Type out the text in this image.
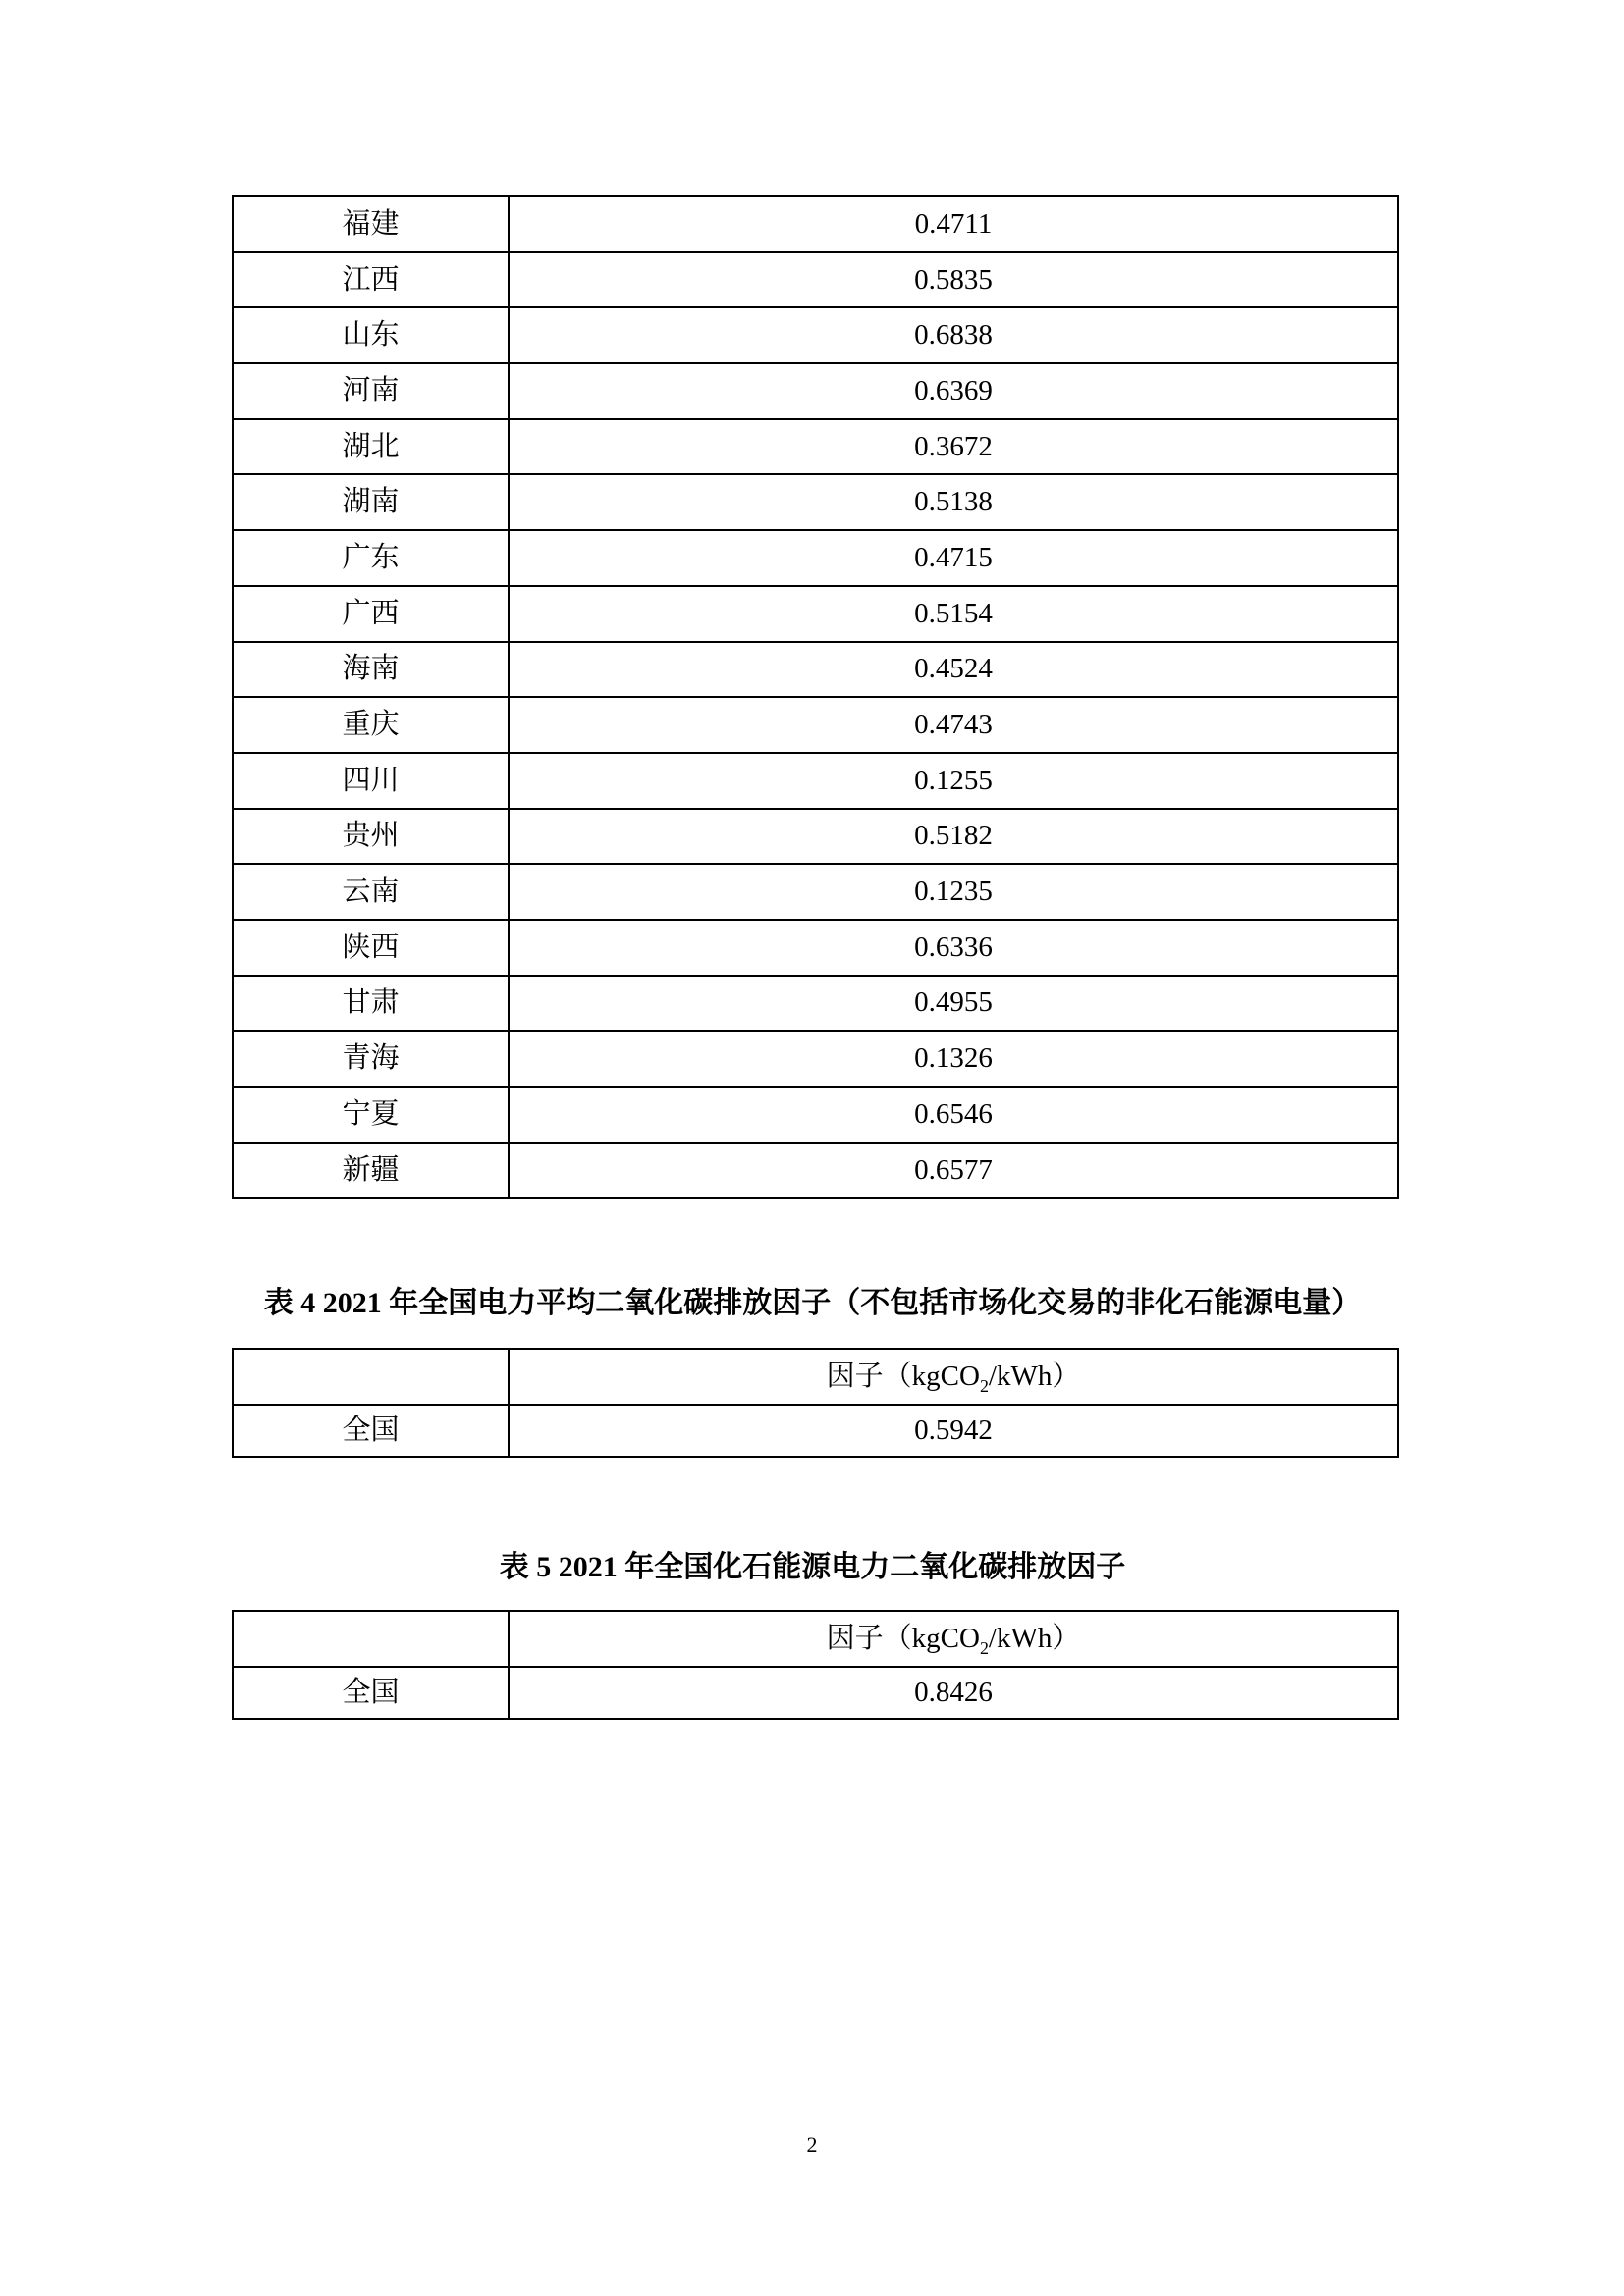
福建	0.4711
江西	0.5835
山东	0.6838
河南	0.6369
湖北	0.3672
湖南	0.5138
广东	0.4715
广西	0.5154
海南	0.4524
重庆	0.4743
四川	0.1255
贵州	0.5182
云南	0.1235
陕西	0.6336
甘肃	0.4955
青海	0.1326
宁夏	0.6546
新疆	0.6577
表 4 2021 年全国电力平均二氧化碳排放因子（不包括市场化交易的非化石能源电量）
	因子（kgCO$_2$/kWh）
全国	0.5942
表 5 2021 年全国化石能源电力二氧化碳排放因子
	因子（kgCO$_2$/kWh）
全国	0.8426
2
